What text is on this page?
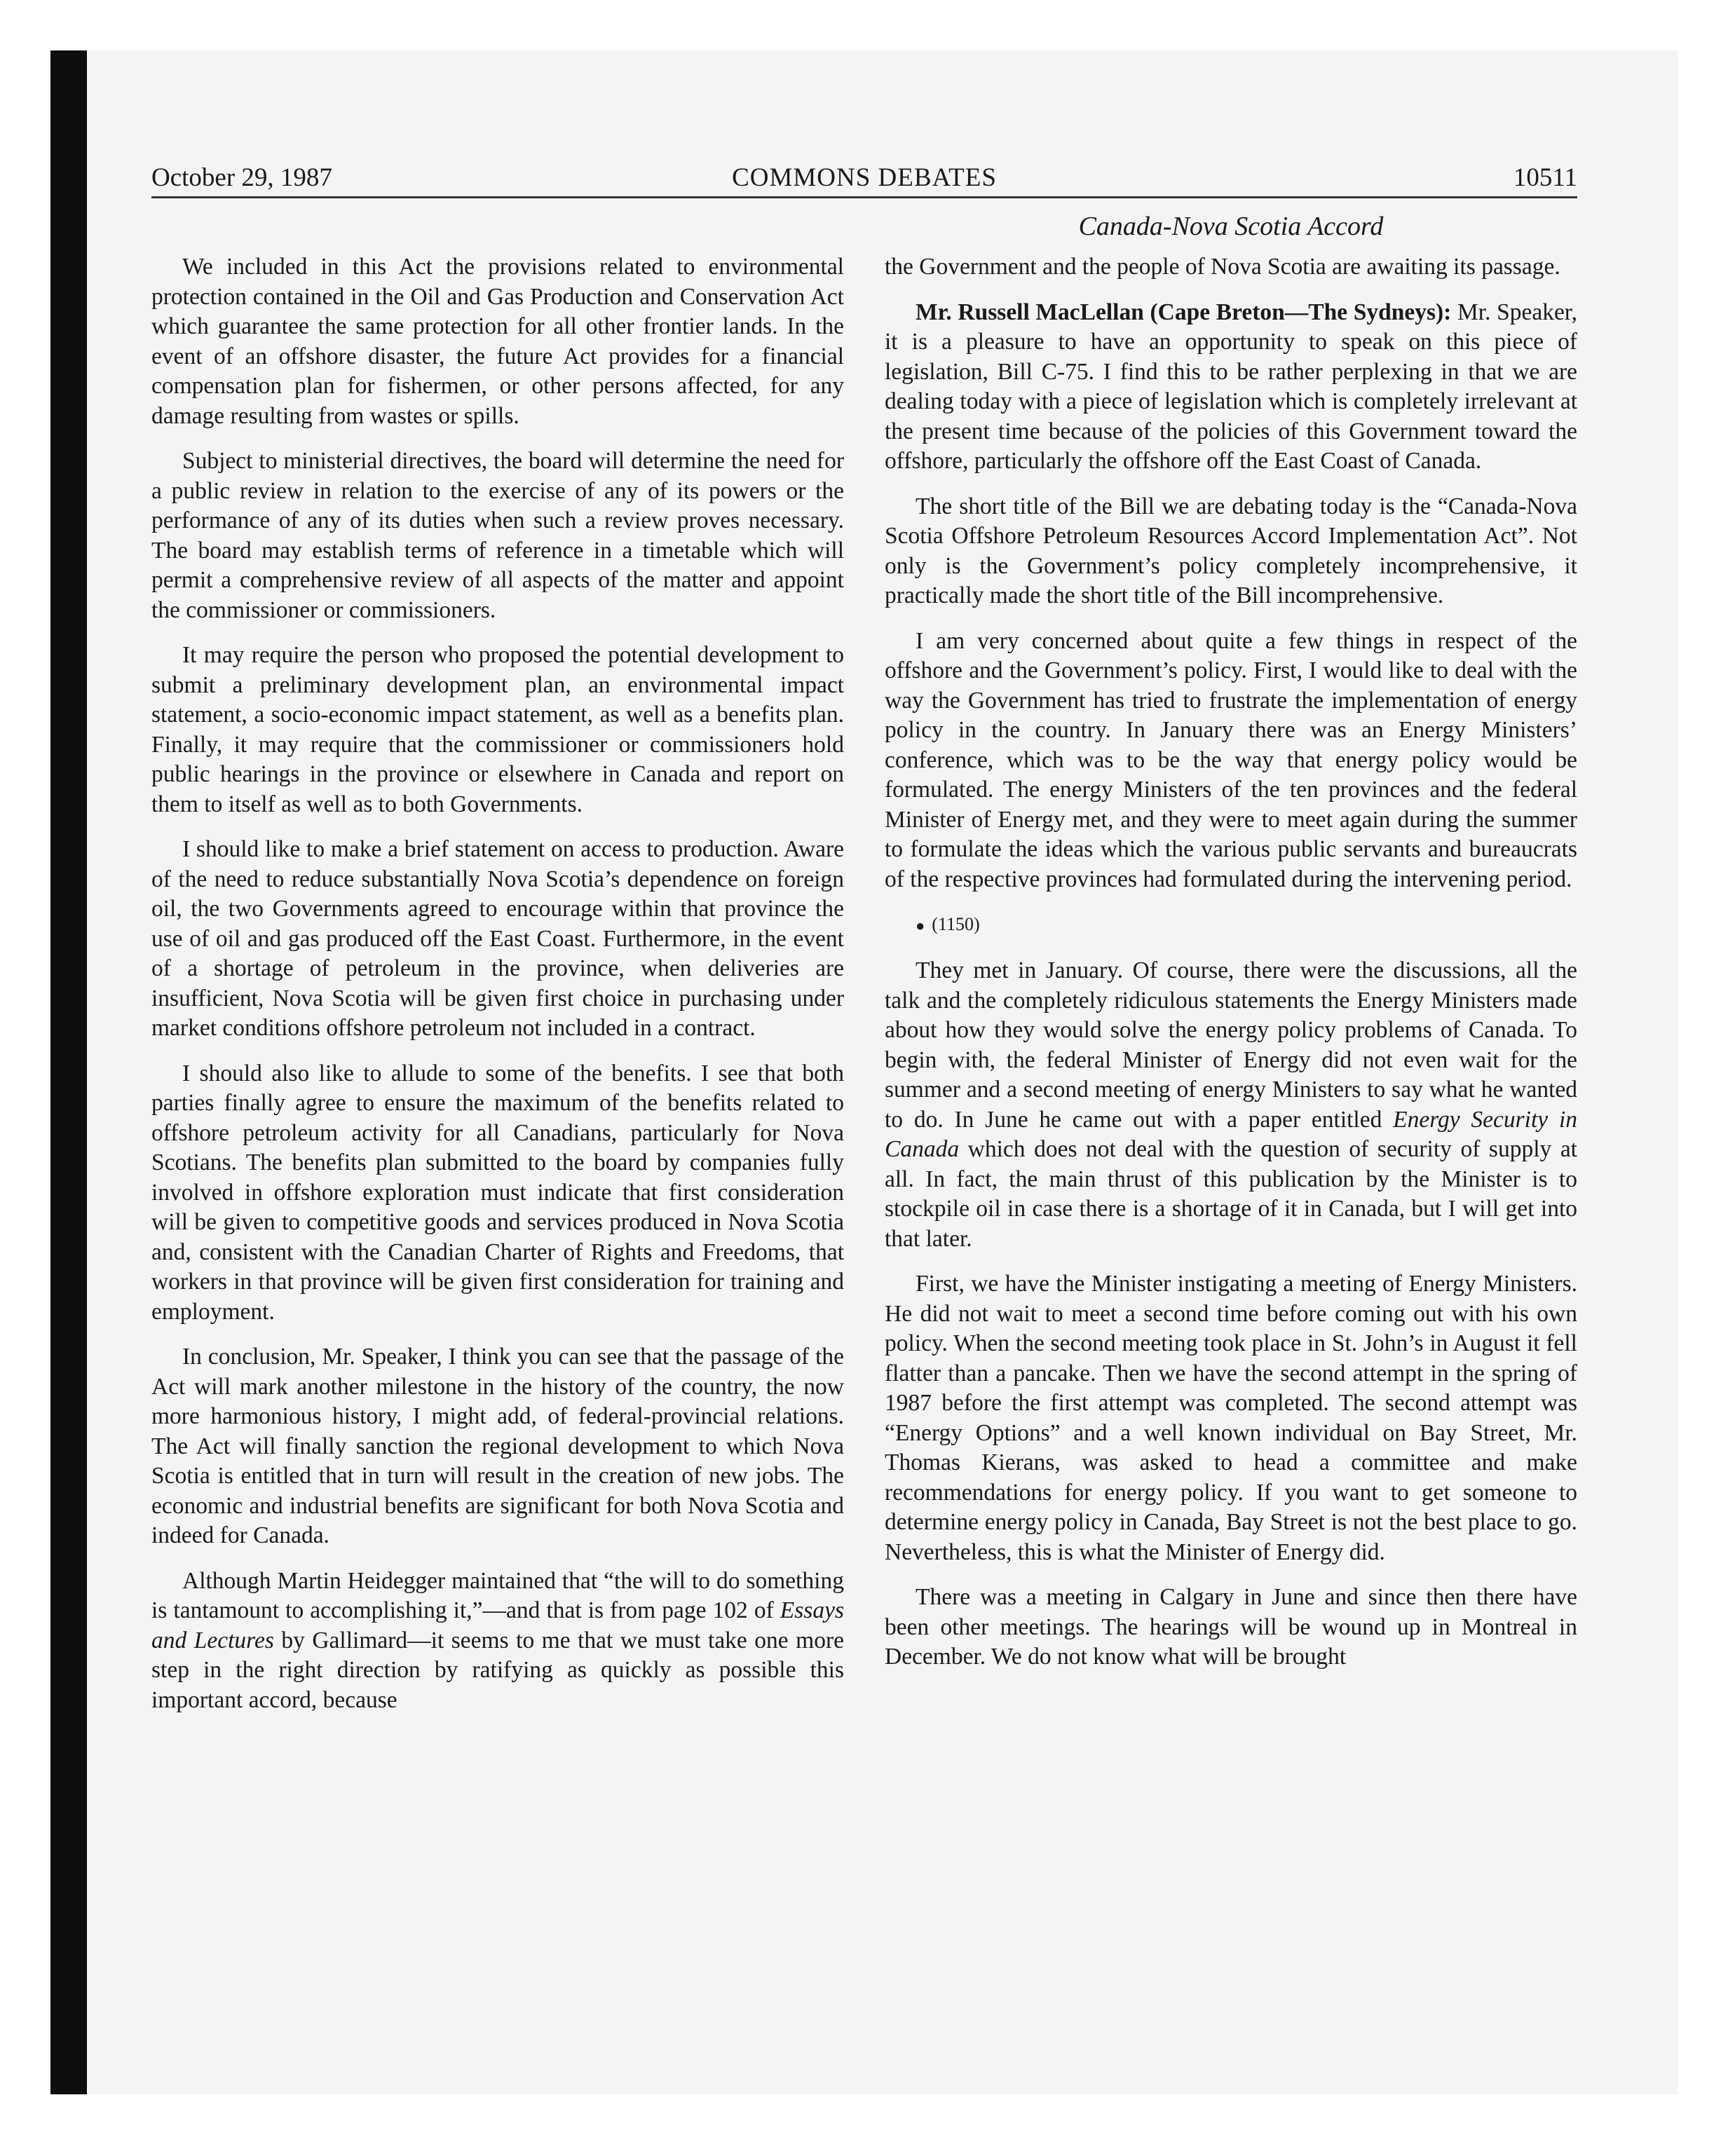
October 29, 1987	COMMONS DEBATES	10511
Canada-Nova Scotia Accord

We included in this Act the provisions related to environmental protection contained in the Oil and Gas Production and Conservation Act which guarantee the same protection for all other frontier lands. In the event of an offshore disaster, the future Act provides for a financial compensation plan for fishermen, or other persons affected, for any damage resulting from wastes or spills.

Subject to ministerial directives, the board will determine the need for a public review in relation to the exercise of any of its powers or the performance of any of its duties when such a review proves necessary. The board may establish terms of reference in a timetable which will permit a comprehensive review of all aspects of the matter and appoint the commissioner or commissioners.

It may require the person who proposed the potential development to submit a preliminary development plan, an environmental impact statement, a socio-economic impact statement, as well as a benefits plan. Finally, it may require that the commissioner or commissioners hold public hearings in the province or elsewhere in Canada and report on them to itself as well as to both Governments.

I should like to make a brief statement on access to production. Aware of the need to reduce substantially Nova Scotia’s dependence on foreign oil, the two Governments agreed to encourage within that province the use of oil and gas produced off the East Coast. Furthermore, in the event of a shortage of petroleum in the province, when deliveries are insufficient, Nova Scotia will be given first choice in purchasing under market conditions offshore petroleum not included in a contract.

I should also like to allude to some of the benefits. I see that both parties finally agree to ensure the maximum of the benefits related to offshore petroleum activity for all Canadians, particularly for Nova Scotians. The benefits plan submitted to the board by companies fully involved in offshore exploration must indicate that first consideration will be given to competitive goods and services produced in Nova Scotia and, consistent with the Canadian Charter of Rights and Freedoms, that workers in that province will be given first consideration for training and employment.

In conclusion, Mr. Speaker, I think you can see that the passage of the Act will mark another milestone in the history of the country, the now more harmonious history, I might add, of federal-provincial relations. The Act will finally sanction the regional development to which Nova Scotia is entitled that in turn will result in the creation of new jobs. The economic and industrial benefits are significant for both Nova Scotia and indeed for Canada.

Although Martin Heidegger maintained that “the will to do something is tantamount to accomplishing it,”—and that is from page 102 of Essays and Lectures by Gallimard—it seems to me that we must take one more step in the right direction by ratifying as quickly as possible this important accord, because

the Government and the people of Nova Scotia are awaiting its passage.

Mr. Russell MacLellan (Cape Breton—The Sydneys): Mr. Speaker, it is a pleasure to have an opportunity to speak on this piece of legislation, Bill C-75. I find this to be rather perplexing in that we are dealing today with a piece of legislation which is completely irrelevant at the present time because of the policies of this Government toward the offshore, particularly the offshore off the East Coast of Canada.

The short title of the Bill we are debating today is the “Canada-Nova Scotia Offshore Petroleum Resources Accord Implementation Act”. Not only is the Government’s policy completely incomprehensive, it practically made the short title of the Bill incomprehensive.

I am very concerned about quite a few things in respect of the offshore and the Government’s policy. First, I would like to deal with the way the Government has tried to frustrate the implementation of energy policy in the country. In January there was an Energy Ministers’ conference, which was to be the way that energy policy would be formulated. The energy Ministers of the ten provinces and the federal Minister of Energy met, and they were to meet again during the summer to formulate the ideas which the various public servants and bureaucrats of the respective provinces had formulated during the intervening period.

● (1150)

They met in January. Of course, there were the discussions, all the talk and the completely ridiculous statements the Energy Ministers made about how they would solve the energy policy problems of Canada. To begin with, the federal Minister of Energy did not even wait for the summer and a second meeting of energy Ministers to say what he wanted to do. In June he came out with a paper entitled Energy Security in Canada which does not deal with the question of security of supply at all. In fact, the main thrust of this publication by the Minister is to stockpile oil in case there is a shortage of it in Canada, but I will get into that later.

First, we have the Minister instigating a meeting of Energy Ministers. He did not wait to meet a second time before coming out with his own policy. When the second meeting took place in St. John’s in August it fell flatter than a pancake. Then we have the second attempt in the spring of 1987 before the first attempt was completed. The second attempt was “Energy Options” and a well known individual on Bay Street, Mr. Thomas Kierans, was asked to head a committee and make recommendations for energy policy. If you want to get someone to determine energy policy in Canada, Bay Street is not the best place to go. Nevertheless, this is what the Minister of Energy did.

There was a meeting in Calgary in June and since then there have been other meetings. The hearings will be wound up in Montreal in December. We do not know what will be brought
